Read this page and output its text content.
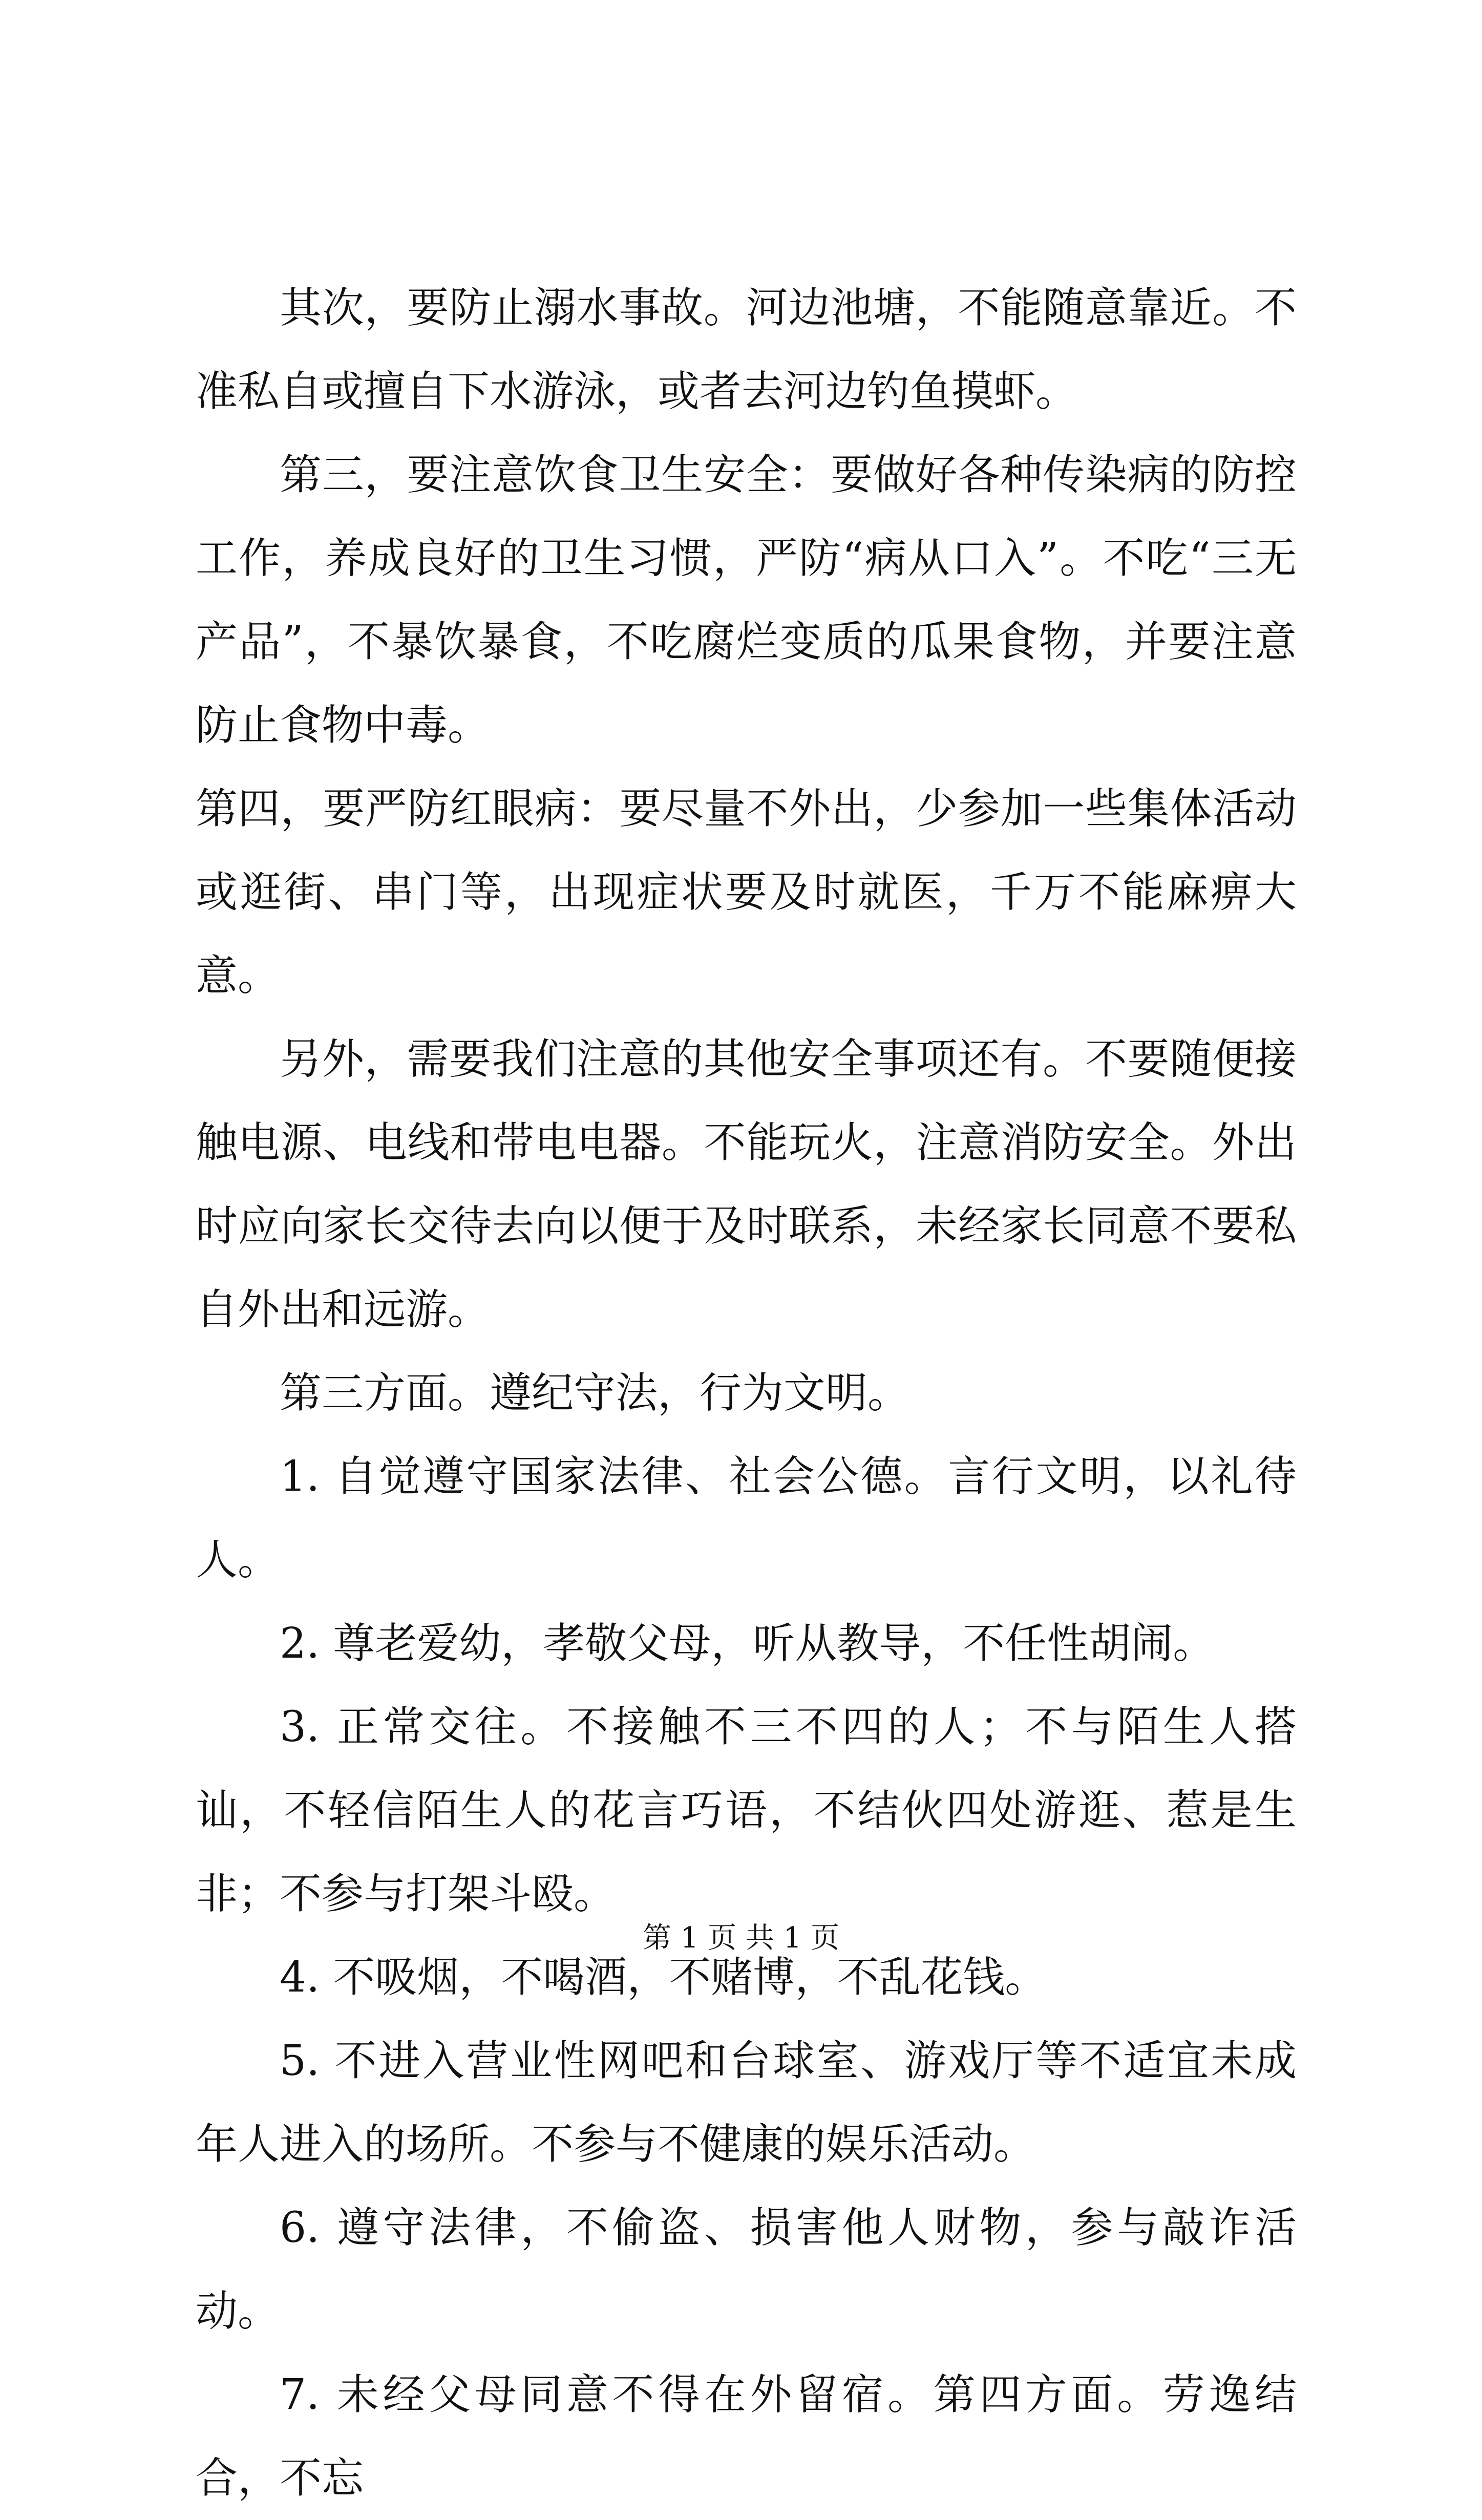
其次，要防止溺水事故。河边池塘，不能随意靠近。不准私自或擅自下水游泳，或者去河边钓鱼摸虾。

第三，要注意饮食卫生安全：要做好各种传染病的防控工作，养成良好的卫生习惯，严防“病从口入”。不吃“三无产品”，不暴饮暴食，不吃腐烂变质的瓜果食物，并要注意防止食物中毒。

第四，要严防红眼病：要尽量不外出，少参加一些集体活动或逛街、串门等，出现症状要及时就医，千万不能麻痹大意。

另外，需要我们注意的其他安全事项还有。不要随便接触电源、电线和带电电器。不能玩火，注意消防安全。外出时应向家长交待去向以便于及时联系，未经家长同意不要私自外出和远游。

第三方面。遵纪守法，行为文明。

1. 自觉遵守国家法律、社会公德。言行文明，以礼待人。

2. 尊老爱幼，孝敬父母，听从教导，不任性胡闹。

3. 正常交往。不接触不三不四的人；不与陌生人搭讪，不轻信陌生人的花言巧语，不结伙四处游逛、惹是生非；不参与打架斗殴。

4. 不吸烟，不喝酒，不赌博，不乱花钱。

5. 不进入营业性网吧和台球室、游戏厅等不适宜未成年人进入的场所。不参与不健康的娱乐活动。

6. 遵守法律，不偷盗、损害他人财物，参与敲诈活动。

7. 未经父母同意不得在外留宿。第四方面。劳逸结合，不忘

第 1 页 共 1 页
